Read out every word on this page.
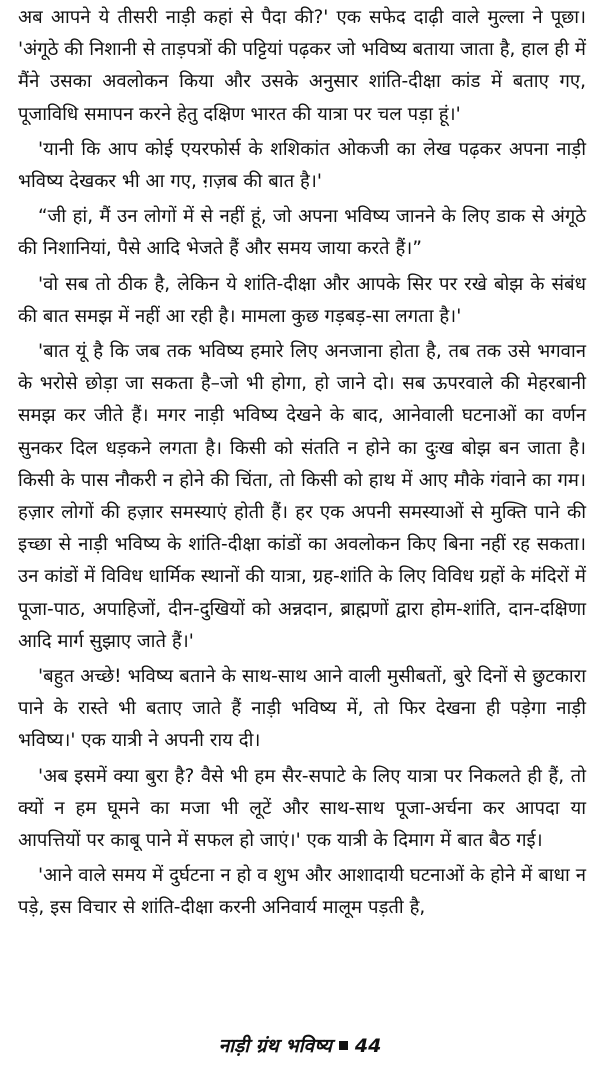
अब आपने ये तीसरी नाड़ी कहां से पैदा की?' एक सफेद दाढ़ी वाले मुल्ला ने पूछा। 'अंगूठे की निशानी से ताड़पत्रों की पट्टियां पढ़कर जो भविष्य बताया जाता है, हाल ही में मैंने उसका अवलोकन किया और उसके अनुसार शांति-दीक्षा कांड में बताए गए, पूजाविधि समापन करने हेतु दक्षिण भारत की यात्रा पर चल पड़ा हूं।'

'यानी कि आप कोई एयरफोर्स के शशिकांत ओकजी का लेख पढ़कर अपना नाड़ी भविष्य देखकर भी आ गए, ग़ज़ब की बात है।'

“जी हां, मैं उन लोगों में से नहीं हूं, जो अपना भविष्य जानने के लिए डाक से अंगूठे की निशानियां, पैसे आदि भेजते हैं और समय जाया करते हैं।”

'वो सब तो ठीक है, लेकिन ये शांति-दीक्षा और आपके सिर पर रखे बोझ के संबंध की बात समझ में नहीं आ रही है। मामला कुछ गड़बड़-सा लगता है।'

'बात यूं है कि जब तक भविष्य हमारे लिए अनजाना होता है, तब तक उसे भगवान के भरोसे छोड़ा जा सकता है–जो भी होगा, हो जाने दो। सब ऊपरवाले की मेहरबानी समझ कर जीते हैं। मगर नाड़ी भविष्य देखने के बाद, आनेवाली घटनाओं का वर्णन सुनकर दिल धड़कने लगता है। किसी को संतति न होने का दुःख बोझ बन जाता है। किसी के पास नौकरी न होने की चिंता, तो किसी को हाथ में आए मौके गंवाने का गम। हज़ार लोगों की हज़ार समस्याएं होती हैं। हर एक अपनी समस्याओं से मुक्ति पाने की इच्छा से नाड़ी भविष्य के शांति-दीक्षा कांडों का अवलोकन किए बिना नहीं रह सकता। उन कांडों में विविध धार्मिक स्थानों की यात्रा, ग्रह-शांति के लिए विविध ग्रहों के मंदिरों में पूजा-पाठ, अपाहिजों, दीन-दुखियों को अन्नदान, ब्राह्मणों द्वारा होम-शांति, दान-दक्षिणा आदि मार्ग सुझाए जाते हैं।'

'बहुत अच्छे! भविष्य बताने के साथ-साथ आने वाली मुसीबतों, बुरे दिनों से छुटकारा पाने के रास्ते भी बताए जाते हैं नाड़ी भविष्य में, तो फिर देखना ही पड़ेगा नाड़ी भविष्य।' एक यात्री ने अपनी राय दी।

'अब इसमें क्या बुरा है? वैसे भी हम सैर-सपाटे के लिए यात्रा पर निकलते ही हैं, तो क्यों न हम घूमने का मजा भी लूटें और साथ-साथ पूजा-अर्चना कर आपदा या आपत्तियों पर काबू पाने में सफल हो जाएं।' एक यात्री के दिमाग में बात बैठ गई।

'आने वाले समय में दुर्घटना न हो व शुभ और आशादायी घटनाओं के होने में बाधा न पड़े, इस विचार से शांति-दीक्षा करनी अनिवार्य मालूम पड़ती है,

नाड़ी ग्रंथ भविष्य 44
